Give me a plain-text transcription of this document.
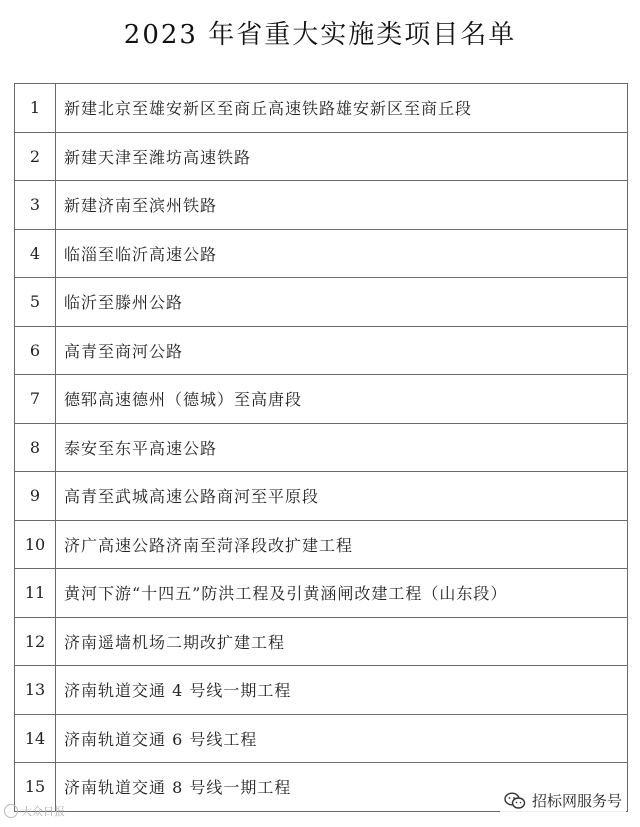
2023 年省重大实施类项目名单
1	新建北京至雄安新区至商丘高速铁路雄安新区至商丘段
2	新建天津至潍坊高速铁路
3	新建济南至滨州铁路
4	临淄至临沂高速公路
5	临沂至滕州公路
6	高青至商河公路
7	德郓高速德州（德城）至高唐段
8	泰安至东平高速公路
9	高青至武城高速公路商河至平原段
10	济广高速公路济南至菏泽段改扩建工程
11	黄河下游“十四五”防洪工程及引黄涵闸改建工程（山东段）
12	济南遥墙机场二期改扩建工程
13	济南轨道交通 4 号线一期工程
14	济南轨道交通 6 号线工程
15	济南轨道交通 8 号线一期工程
大众日报
招标网服务号
